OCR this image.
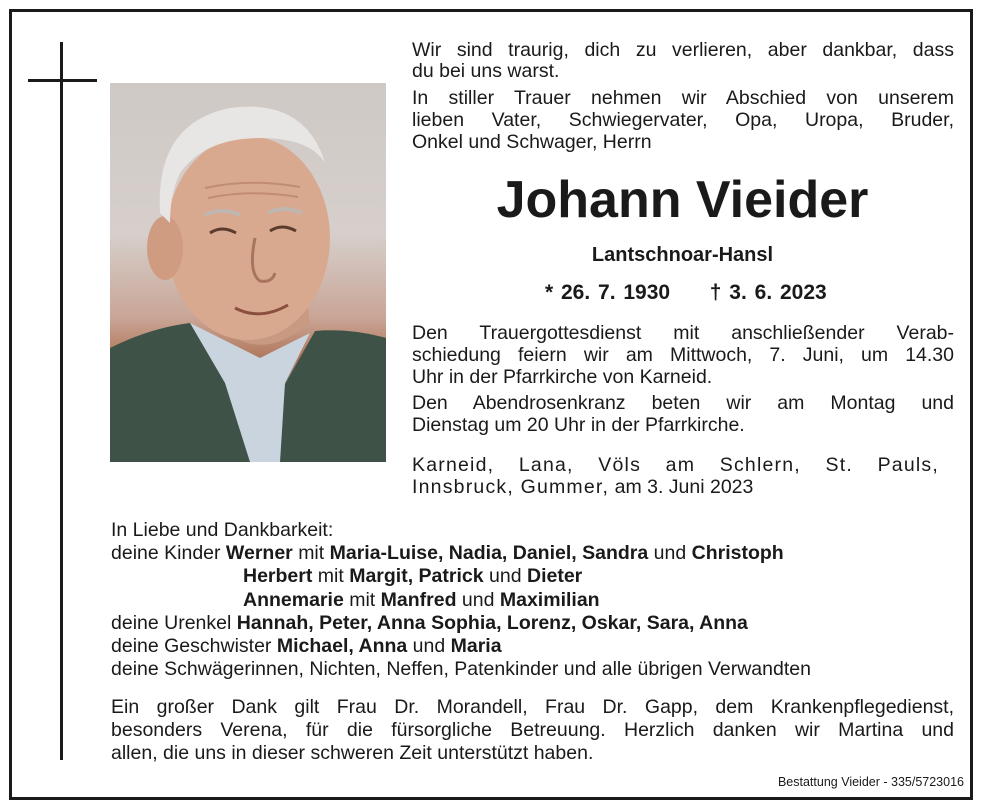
Wir sind traurig, dich zu verlieren, aber dankbar, dass
du bei uns warst.
In stiller Trauer nehmen wir Abschied von unserem
lieben Vater, Schwiegervater, Opa, Uropa, Bruder,
Onkel und Schwager, Herrn
Johann Vieider
Lantschnoar-Hansl
* 26. 7. 1930 † 3. 6. 2023
Den Trauergottesdienst mit anschließender Verab-
schiedung feiern wir am Mittwoch, 7. Juni, um 14.30
Uhr in der Pfarrkirche von Karneid.
Den Abendrosenkranz beten wir am Montag und
Dienstag um 20 Uhr in der Pfarrkirche.
Karneid, Lana, Völs am Schlern, St. Pauls,
Innsbruck, Gummer, am 3. Juni 2023
In Liebe und Dankbarkeit:
deine Kinder Werner mit Maria-Luise, Nadia, Daniel, Sandra und Christoph
Herbert mit Margit, Patrick und Dieter
Annemarie mit Manfred und Maximilian
deine Urenkel Hannah, Peter, Anna Sophia, Lorenz, Oskar, Sara, Anna
deine Geschwister Michael, Anna und Maria
deine Schwägerinnen, Nichten, Neffen, Patenkinder und alle übrigen Verwandten
Ein großer Dank gilt Frau Dr. Morandell, Frau Dr. Gapp, dem Krankenpflegedienst,
besonders Verena, für die fürsorgliche Betreuung. Herzlich danken wir Martina und
allen, die uns in dieser schweren Zeit unterstützt haben.
Bestattung Vieider - 335/5723016
